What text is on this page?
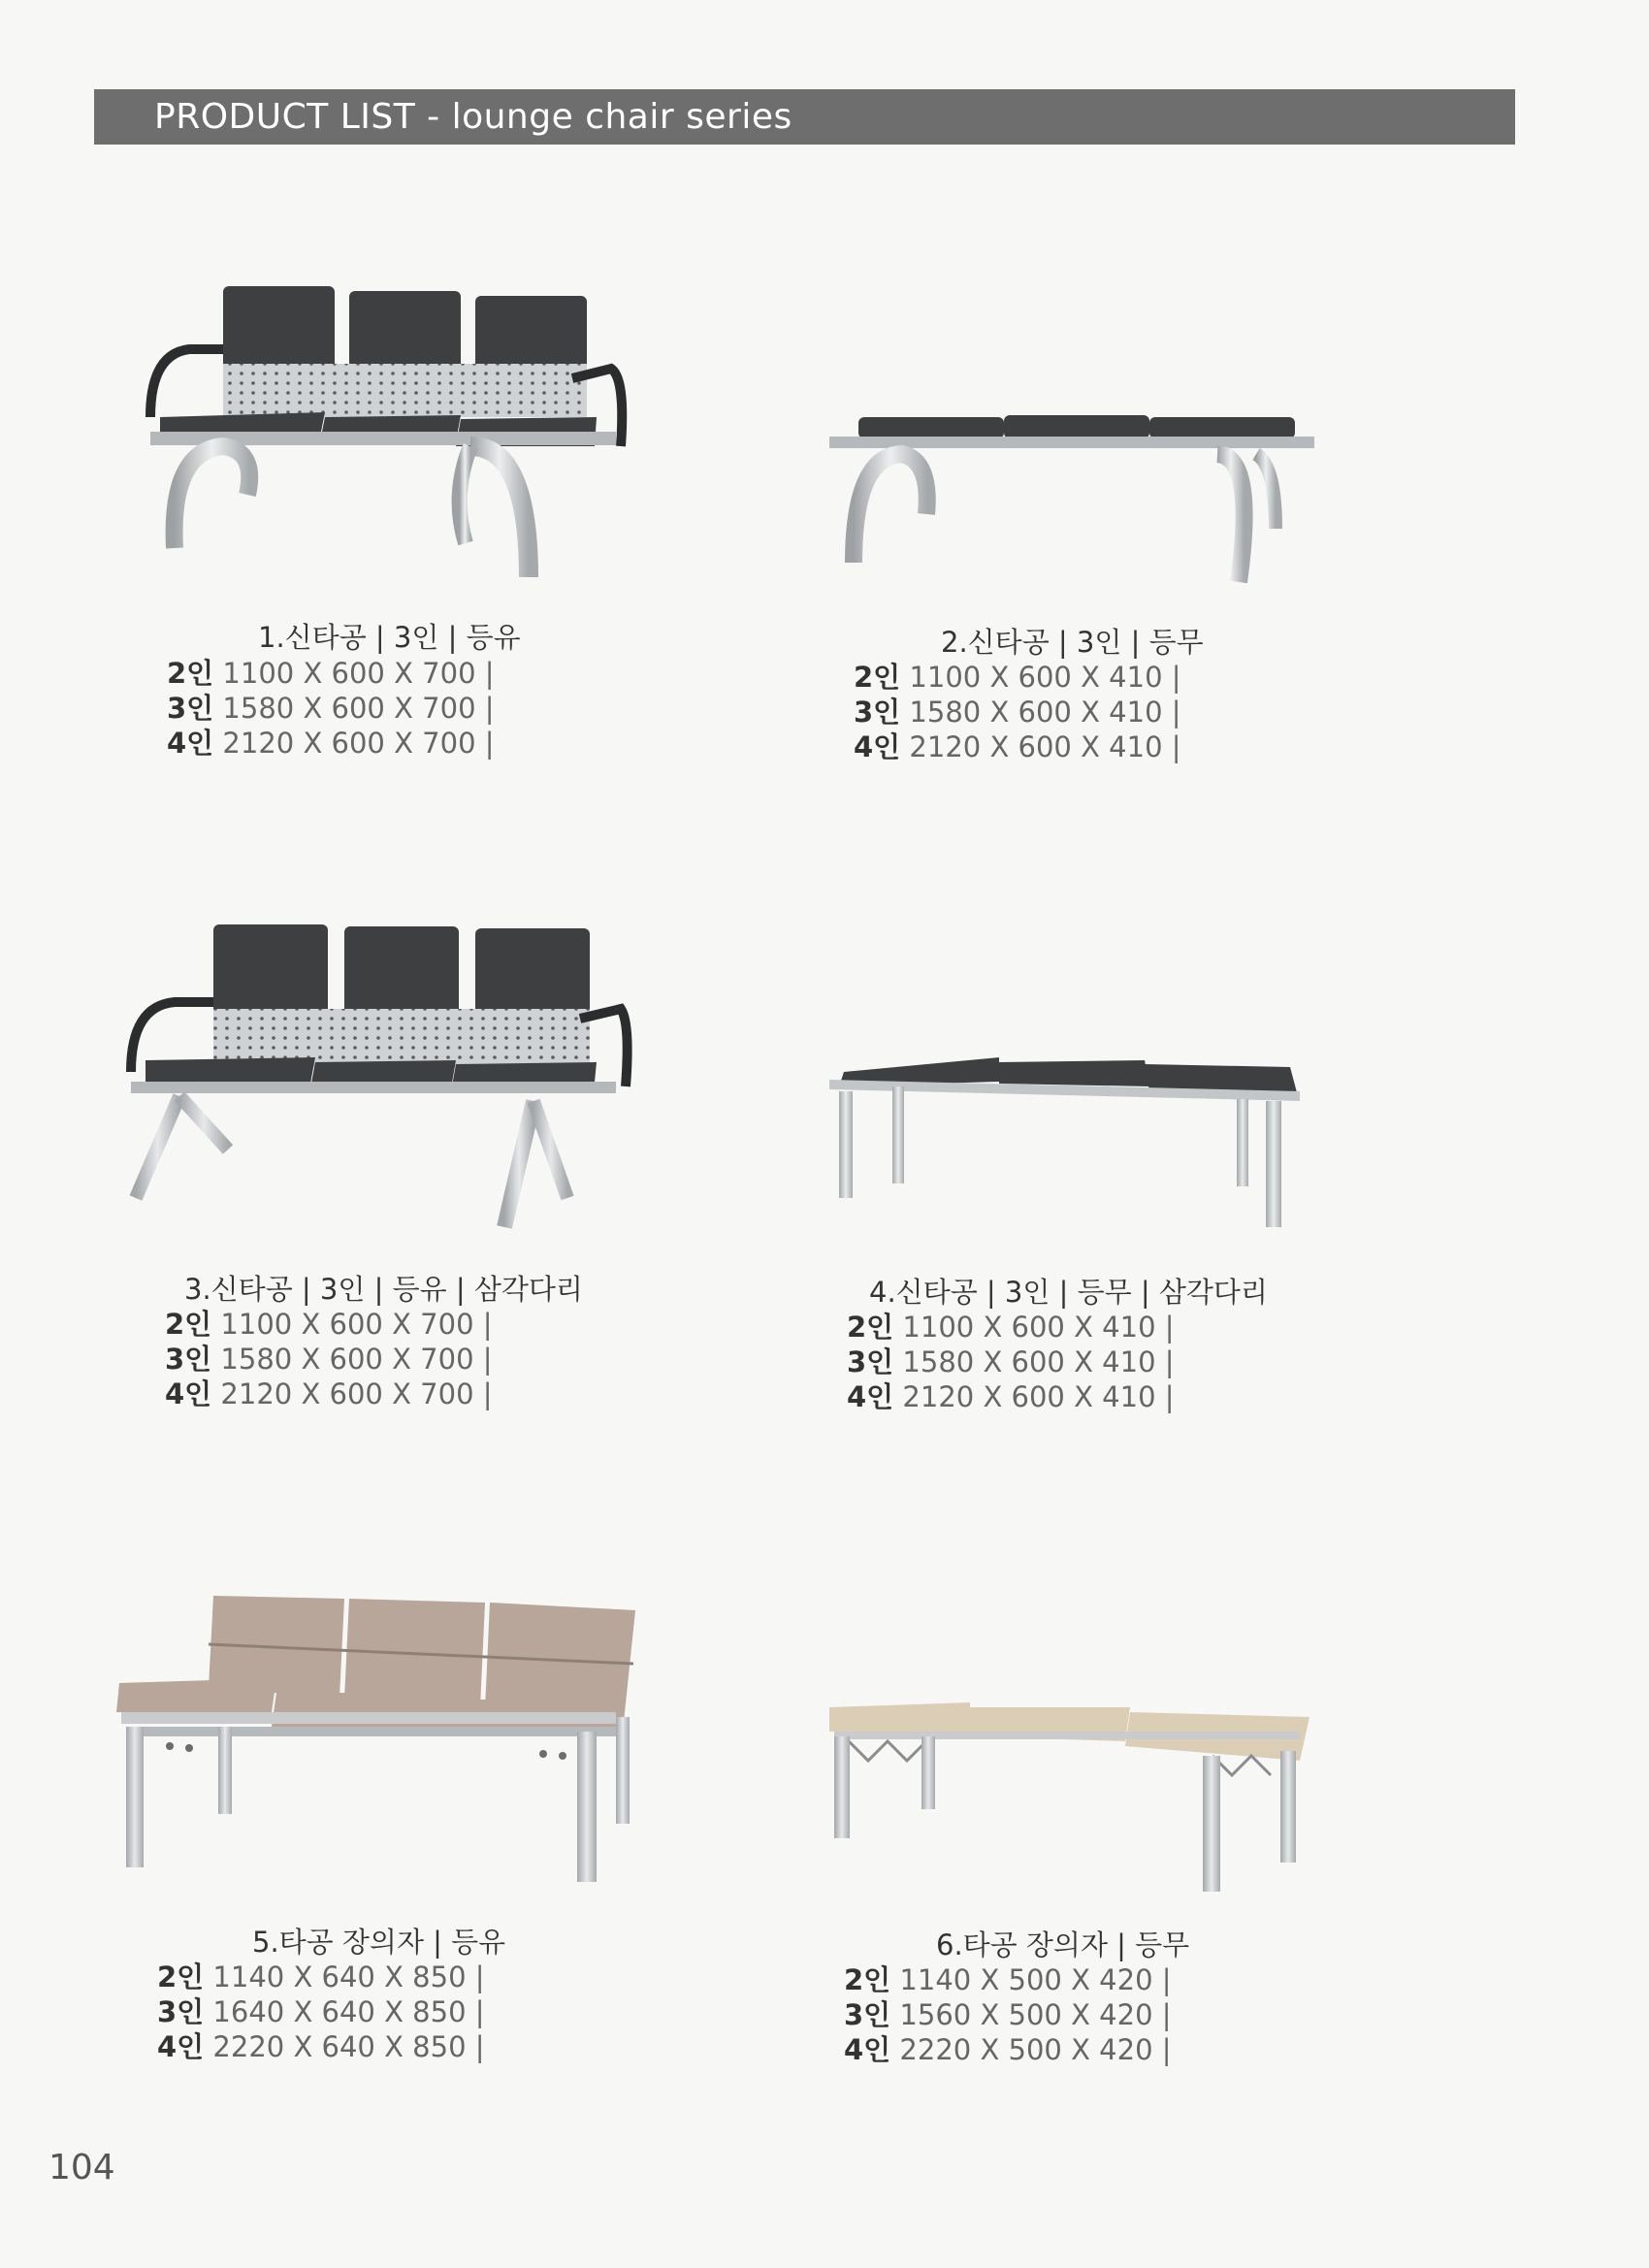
PRODUCT LIST - lounge chair series
1.신타공 | 3인 | 등유
2인 1100 X 600 X 700 |
3인 1580 X 600 X 700 |
4인 2120 X 600 X 700 |
2.신타공 | 3인 | 등무
2인 1100 X 600 X 410 |
3인 1580 X 600 X 410 |
4인 2120 X 600 X 410 |
3.신타공 | 3인 | 등유 | 삼각다리
2인 1100 X 600 X 700 |
3인 1580 X 600 X 700 |
4인 2120 X 600 X 700 |
4.신타공 | 3인 | 등무 | 삼각다리
2인 1100 X 600 X 410 |
3인 1580 X 600 X 410 |
4인 2120 X 600 X 410 |
5.타공 장의자 | 등유
2인 1140 X 640 X 850 |
3인 1640 X 640 X 850 |
4인 2220 X 640 X 850 |
6.타공 장의자 | 등무
2인 1140 X 500 X 420 |
3인 1560 X 500 X 420 |
4인 2220 X 500 X 420 |
104
